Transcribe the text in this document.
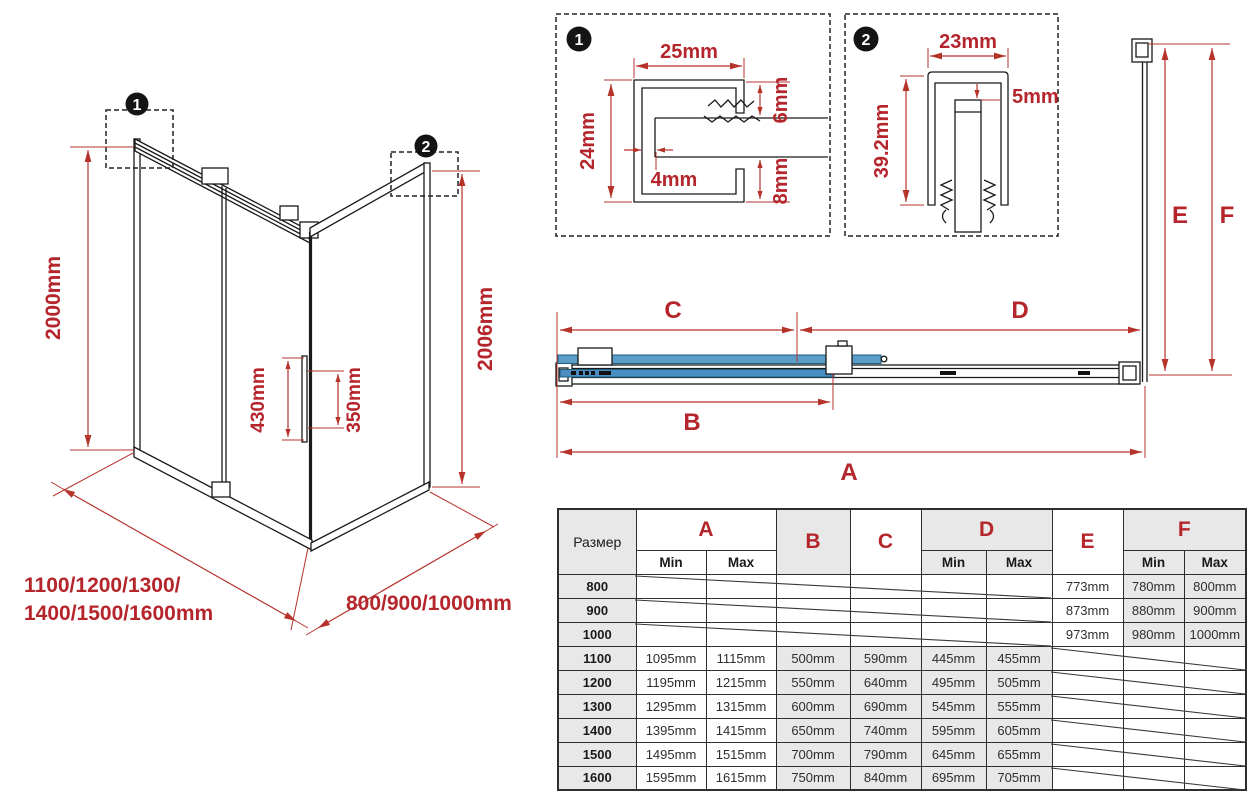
1
2
2000mm	2006mm
430mm	350mm
1100/1200/1300/
1400/1500/1600mm	800/900/1000mm
1
25mm
24mm
6mm
8mm
4mm
2	23mm
39.2mm
5mm
C	D
B
A
E F
Размер	A		B	C	D		E	F	
	Min	Max			Min	Max		Min	Max
800							773mm	780mm	800mm
900							873mm	880mm	900mm
1000							973mm	980mm	1000mm
1100	1095mm	1115mm	500mm	590mm	445mm	455mm			
1200	1195mm	1215mm	550mm	640mm	495mm	505mm			
1300	1295mm	1315mm	600mm	690mm	545mm	555mm			
1400	1395mm	1415mm	650mm	740mm	595mm	605mm			
1500	1495mm	1515mm	700mm	790mm	645mm	655mm			
1600	1595mm	1615mm	750mm	840mm	695mm	705mm			
